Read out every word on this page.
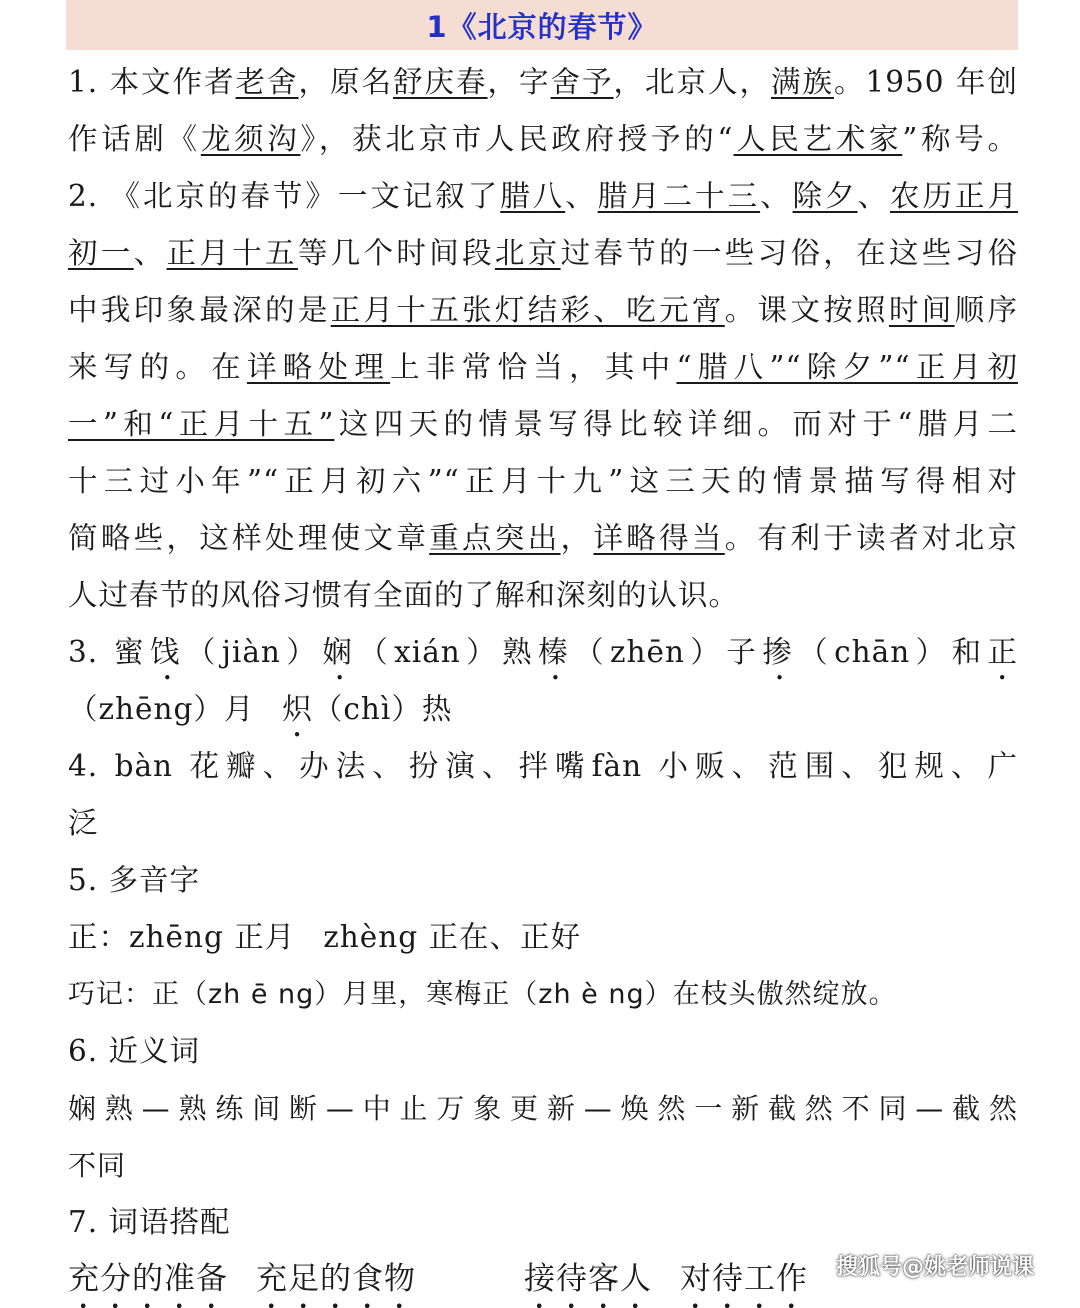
1《北京的春节》
1. 本文作者老舍，原名舒庆春，字舍予，北京人，满族。1950 年创
作话剧《龙须沟》，获北京市人民政府授予的“人民艺术家”称号。
2. 《北京的春节》一文记叙了腊八、腊月二十三、除夕、农历正月
初一、正月十五等几个时间段北京过春节的一些习俗，在这些习俗
中我印象最深的是正月十五张灯结彩、吃元宵。课文按照时间顺序
来写的。在详略处理上非常恰当，其中“腊八”“除夕”“正月初
一”和“正月十五”这四天的情景写得比较详细。而对于“腊月二
十三过小年”“正月初六”“正月十九”这三天的情景描写得相对
简略些，这样处理使文章重点突出，详略得当。有利于读者对北京
人过春节的风俗习惯有全面的了解和深刻的认识。
3. 蜜饯（jiàn）娴（xián）熟榛（zhēn）子掺（chān）和正
（zhēng）月 炽（chì）热
4. bàn 花瓣、办法、扮演、拌嘴fàn 小贩、范围、犯规、广
泛
5. 多音字
正：zhēng 正月 zhèng 正在、正好
巧记：正（zh ē ng）月里，寒梅正（zh è ng）在枝头傲然绽放。
6. 近义词
娴熟—熟练间断—中止万象更新—焕然一新截然不同—截然
不同
7. 词语搭配
充分的准备 充足的食物	接待客人 对待工作	搜狐号@姚老师说课
